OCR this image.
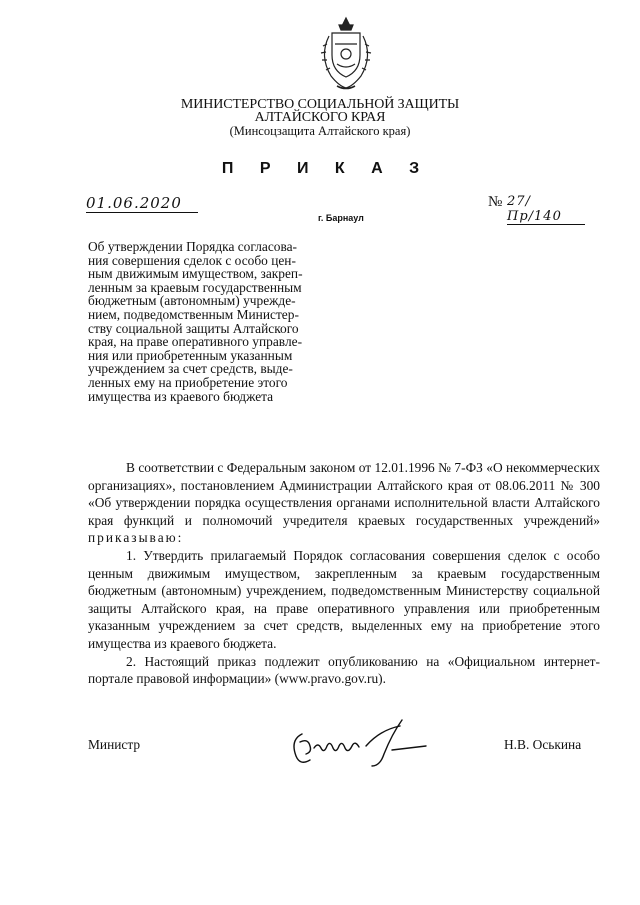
МИНИСТЕРСТВО СОЦИАЛЬНОЙ ЗАЩИТЫ
АЛТАЙСКОГО КРАЯ
(Минсоцзащита Алтайского края)
П Р И К А З
01.06.2020	№ 27/Пр/140
г. Барнаул
Об утверждении Порядка согласова-
ния совершения сделок с особо цен-
ным движимым имуществом, закреп-
ленным за краевым государственным
бюджетным (автономным) учрежде-
нием, подведомственным Министер-
ству социальной защиты Алтайского
края, на праве оперативного управле-
ния или приобретенным указанным
учреждением за счет средств, выде-
ленных ему на приобретение этого
имущества из краевого бюджета

В соответствии с Федеральным законом от 12.01.1996 № 7-ФЗ «О некоммерческих организациях», постановлением Администрации Алтайского края от 08.06.2011 № 300 «Об утверждении порядка осуществления органами исполнительной власти Алтайского края функций и полномочий учредителя краевых государственных учреждений» приказываю:

1. Утвердить прилагаемый Порядок согласования совершения сделок с особо ценным движимым имуществом, закрепленным за краевым государственным бюджетным (автономным) учреждением, подведомственным Министерству социальной защиты Алтайского края, на праве оперативного управления или приобретенным указанным учреждением за счет средств, выделенных ему на приобретение этого имущества из краевого бюджета.

2. Настоящий приказ подлежит опубликованию на «Официальном интернет-портале правовой информации» (www.pravo.gov.ru).

Министр	Н.В. Оськина
